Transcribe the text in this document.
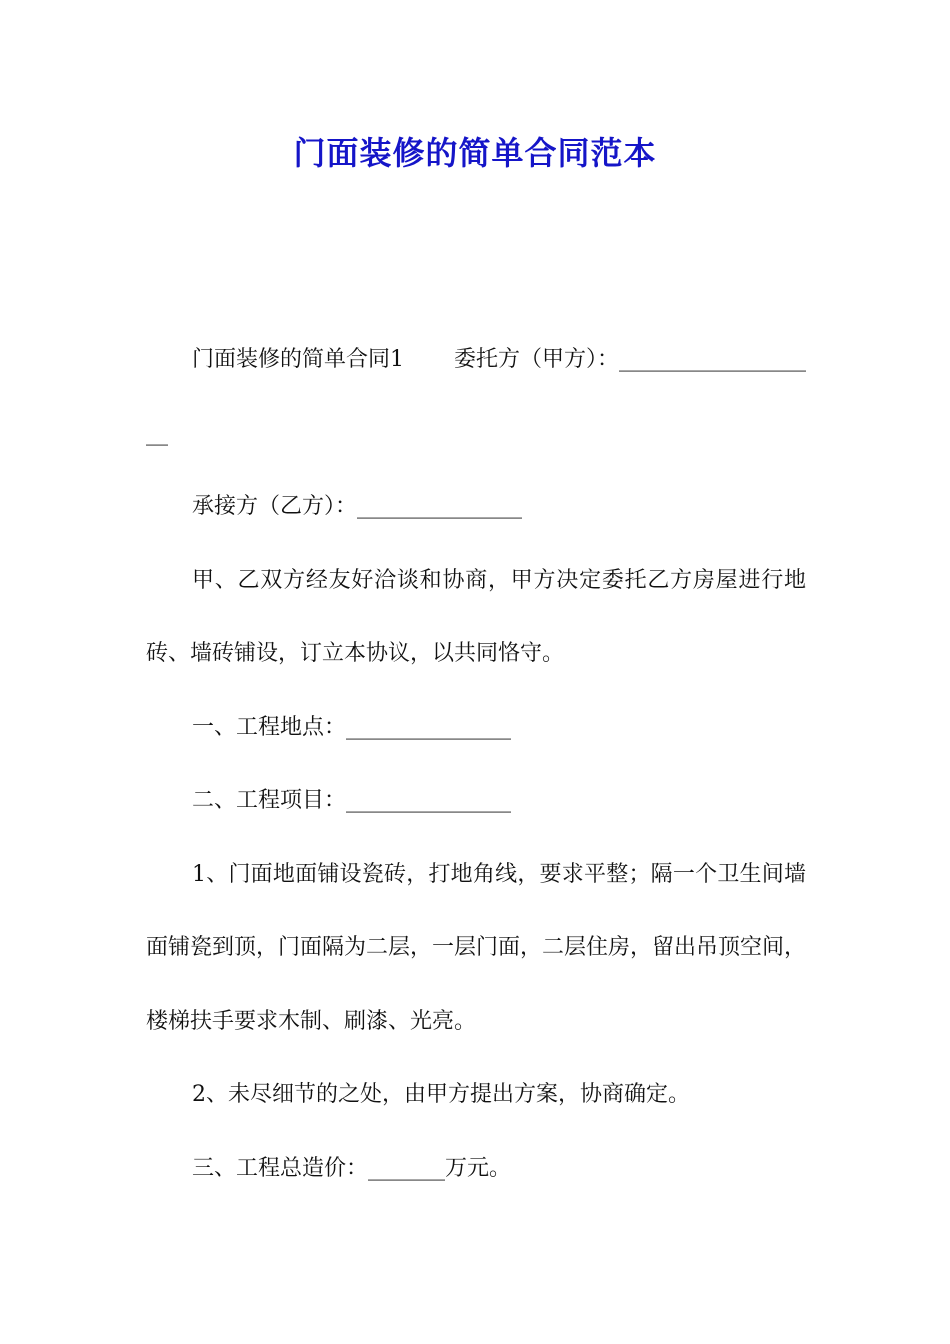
门面装修的简单合同范本

门面装修的简单合同1 委托方（甲方）：___________________

承接方（乙方）：_______________

甲、乙双方经友好洽谈和协商，甲方决定委托乙方房屋进行地砖、墙砖铺设，订立本协议，以共同恪守。

一、工程地点：_______________

二、工程项目：_______________

1、门面地面铺设瓷砖，打地角线，要求平整；隔一个卫生间墙面铺瓷到顶，门面隔为二层，一层门面，二层住房，留出吊顶空间，楼梯扶手要求木制、刷漆、光亮。

2、未尽细节的之处，由甲方提出方案，协商确定。

三、工程总造价：_______万元。
